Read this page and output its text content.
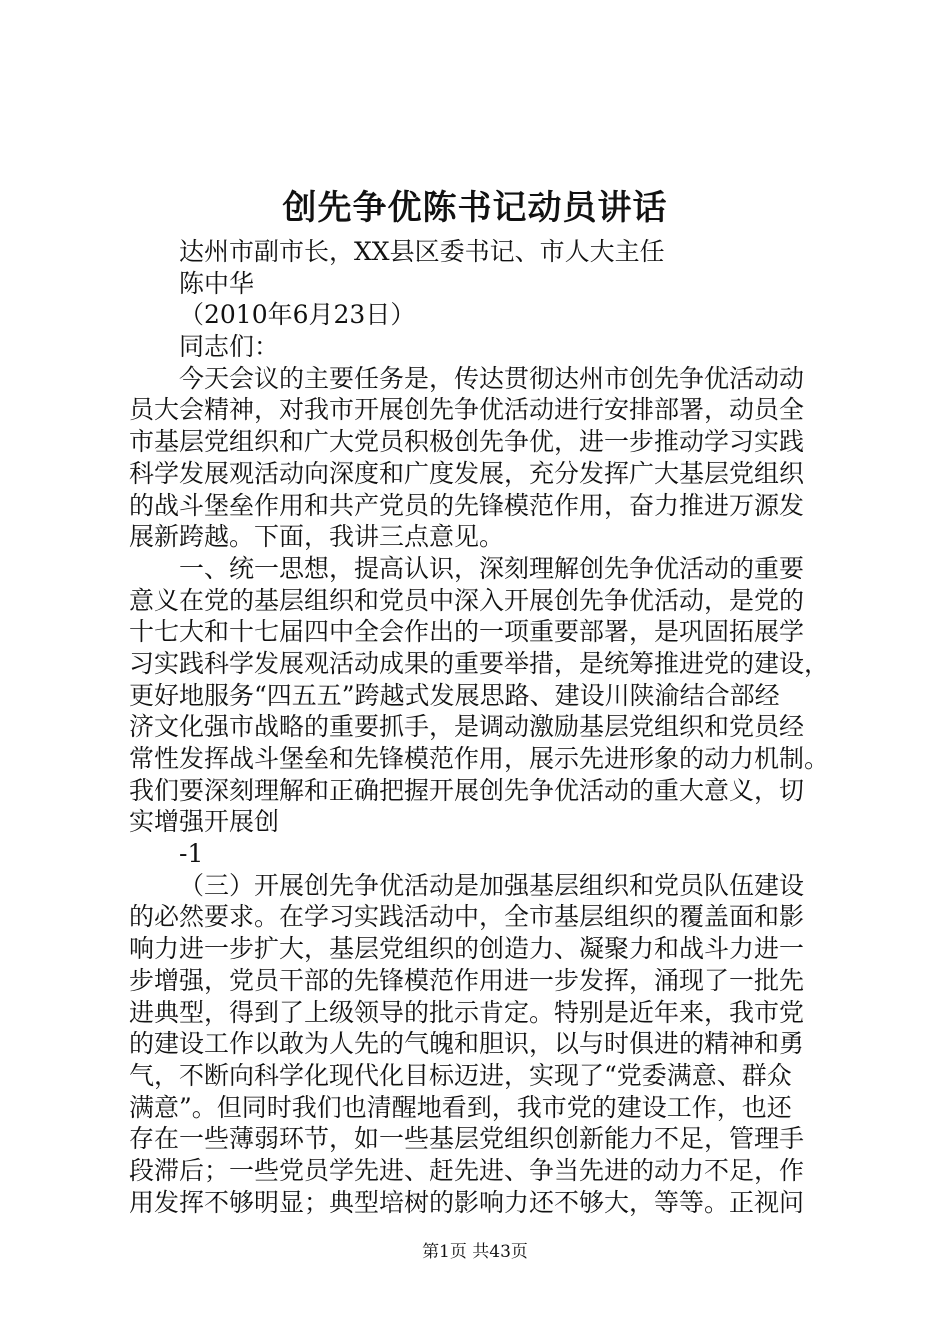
创先争优陈书记动员讲话
达州市副市长，XX县区委书记、市人大主任
陈中华
（2010年6月23日）
同志们：
今天会议的主要任务是，传达贯彻达州市创先争优活动动
员大会精神，对我市开展创先争优活动进行安排部署，动员全
市基层党组织和广大党员积极创先争优，进一步推动学习实践
科学发展观活动向深度和广度发展，充分发挥广大基层党组织
的战斗堡垒作用和共产党员的先锋模范作用，奋力推进万源发
展新跨越。下面，我讲三点意见。
一、统一思想，提高认识，深刻理解创先争优活动的重要
意义在党的基层组织和党员中深入开展创先争优活动，是党的
十七大和十七届四中全会作出的一项重要部署，是巩固拓展学
习实践科学发展观活动成果的重要举措，是统筹推进党的建设，
更好地服务“四五五”跨越式发展思路、建设川陕渝结合部经
济文化强市战略的重要抓手，是调动激励基层党组织和党员经
常性发挥战斗堡垒和先锋模范作用，展示先进形象的动力机制。
我们要深刻理解和正确把握开展创先争优活动的重大意义，切
实增强开展创
-1
（三）开展创先争优活动是加强基层组织和党员队伍建设
的必然要求。在学习实践活动中，全市基层组织的覆盖面和影
响力进一步扩大，基层党组织的创造力、凝聚力和战斗力进一
步增强，党员干部的先锋模范作用进一步发挥，涌现了一批先
进典型，得到了上级领导的批示肯定。特别是近年来，我市党
的建设工作以敢为人先的气魄和胆识，以与时俱进的精神和勇
气，不断向科学化现代化目标迈进，实现了“党委满意、群众
满意”。但同时我们也清醒地看到，我市党的建设工作，也还
存在一些薄弱环节，如一些基层党组织创新能力不足，管理手
段滞后；一些党员学先进、赶先进、争当先进的动力不足，作
用发挥不够明显；典型培树的影响力还不够大，等等。正视问
第1页 共43页
